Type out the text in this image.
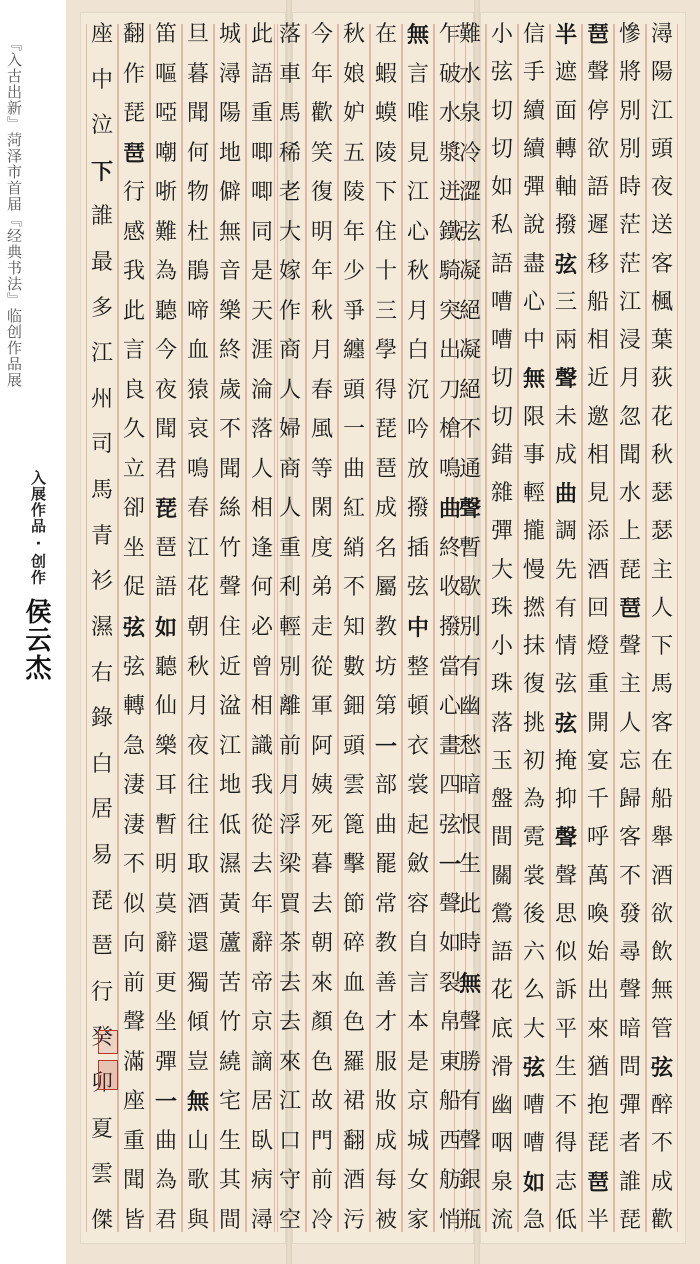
『入古出新』菏泽市首届『经典书法』临创作品展
入展作品 · 创作
侯云杰
此
語
重
唧
唧
同
是
天
涯
淪
落
人
相
逢
何
必
曾
相
識
我
從
去
年
辭
帝
京
謫
居
臥
病
潯
城
潯
陽
地
僻
無
音
樂
終
歲
不
聞
絲
竹
聲
住
近
湓
江
地
低
濕
黃
蘆
苦
竹
繞
宅
生
其
間
旦
暮
聞
何
物
杜
鵑
啼
血
猿
哀
鳴
春
江
花
朝
秋
月
夜
往
往
取
酒
還
獨
傾
豈
無
山
歌
與
笛
嘔
啞
嘲
哳
難
為
聽
今
夜
聞
君
琵
琶
語
如
聽
仙
樂
耳
暫
明
莫
辭
更
坐
彈
一
曲
為
君
翻
作
琵
琶
行
感
我
此
言
良
久
立
卻
坐
促
弦
弦
轉
急
淒
淒
不
似
向
前
聲
滿
座
重
聞
皆
座
中
泣
下
誰
最
多
江
州
司
馬
青
衫
濕
右
錄
白
居
易
琵
琶
行
癸
卯
夏
雲
傑
乍
破
水
漿
迸
鐵
騎
突
出
刀
槍
鳴
曲
終
收
撥
當
心
畫
四
弦
一
聲
如
裂
帛
東
船
西
舫
悄
無
言
唯
見
江
心
秋
月
白
沉
吟
放
撥
插
弦
中
整
頓
衣
裳
起
斂
容
自
言
本
是
京
城
女
家
在
蝦
蟆
陵
下
住
十
三
學
得
琵
琶
成
名
屬
教
坊
第
一
部
曲
罷
常
教
善
才
服
妝
成
每
被
秋
娘
妒
五
陵
年
少
爭
纏
頭
一
曲
紅
綃
不
知
數
鈿
頭
雲
篦
擊
節
碎
血
色
羅
裙
翻
酒
污
今
年
歡
笑
復
明
年
秋
月
春
風
等
閑
度
弟
走
從
軍
阿
姨
死
暮
去
朝
來
顏
色
故
門
前
冷
落
車
馬
稀
老
大
嫁
作
商
人
婦
商
人
重
利
輕
別
離
前
月
浮
梁
買
茶
去
去
來
江
口
守
空
潯
陽
江
頭
夜
送
客
楓
葉
荻
花
秋
瑟
瑟
主
人
下
馬
客
在
船
舉
酒
欲
飲
無
管
弦
醉
不
成
歡
慘
將
別
別
時
茫
茫
江
浸
月
忽
聞
水
上
琵
琶
聲
主
人
忘
歸
客
不
發
尋
聲
暗
問
彈
者
誰
琵
琶
聲
停
欲
語
遲
移
船
相
近
邀
相
見
添
酒
回
燈
重
開
宴
千
呼
萬
喚
始
出
來
猶
抱
琵
琶
半
半
遮
面
轉
軸
撥
弦
三
兩
聲
未
成
曲
調
先
有
情
弦
弦
掩
抑
聲
聲
思
似
訴
平
生
不
得
志
低
信
手
續
續
彈
說
盡
心
中
無
限
事
輕
攏
慢
撚
抹
復
挑
初
為
霓
裳
後
六
么
大
弦
嘈
嘈
如
急
小
弦
切
切
如
私
語
嘈
嘈
切
切
錯
雜
彈
大
珠
小
珠
落
玉
盤
間
關
鶯
語
花
底
滑
幽
咽
泉
流
難
水
泉
冷
澀
弦
凝
絕
凝
絕
不
通
聲
暫
歇
別
有
幽
愁
暗
恨
生
此
時
無
聲
勝
有
聲
銀
瓶
